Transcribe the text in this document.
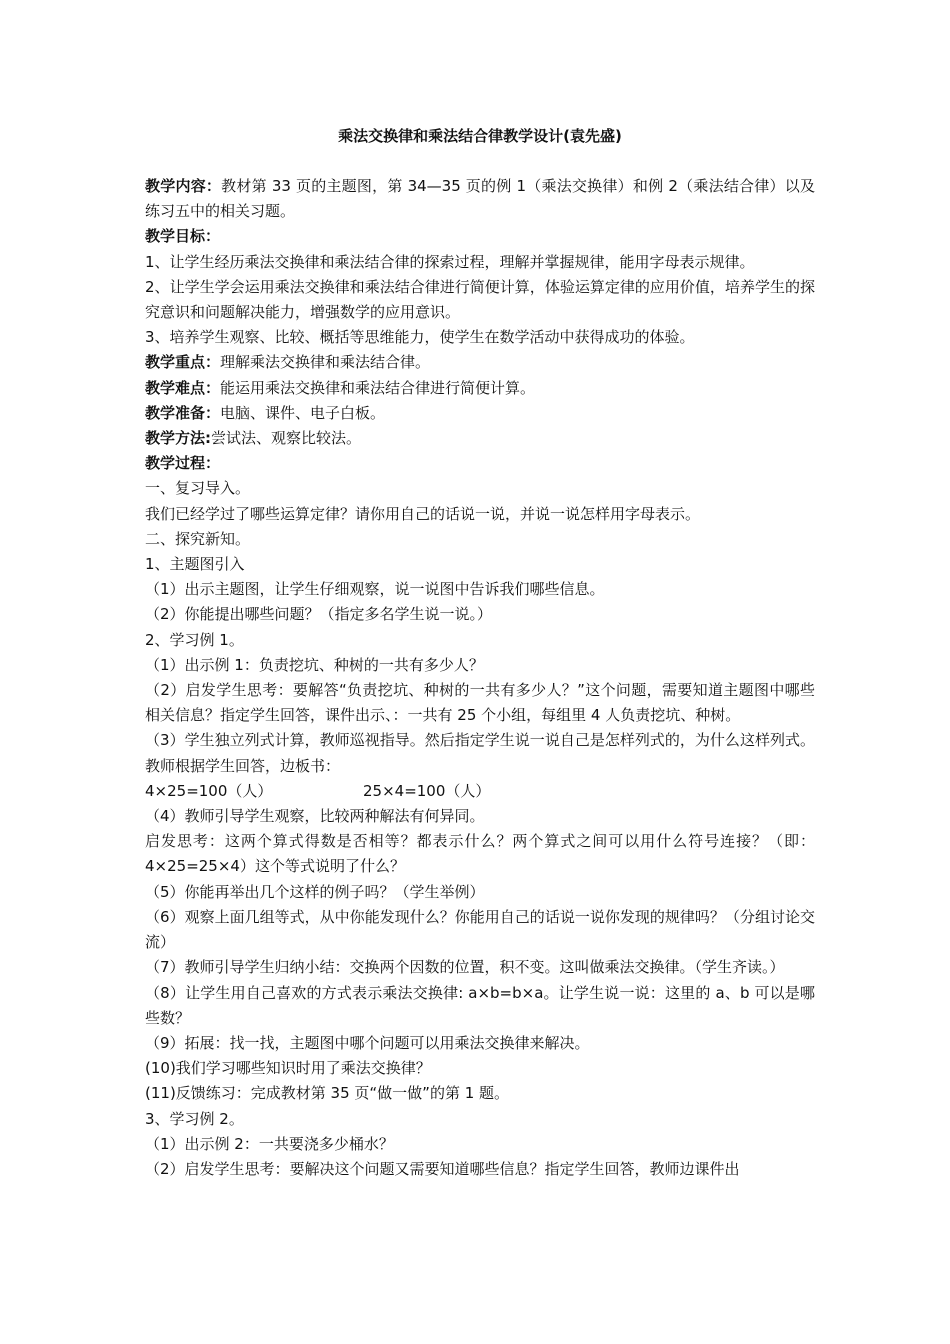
乘法交换律和乘法结合律教学设计(袁先盛)

教学内容：教材第 33 页的主题图，第 34—35 页的例 1（乘法交换律）和例 2（乘法结合律）以及练习五中的相关习题。

教学目标：

1、让学生经历乘法交换律和乘法结合律的探索过程，理解并掌握规律，能用字母表示规律。

2、让学生学会运用乘法交换律和乘法结合律进行简便计算，体验运算定律的应用价值，培养学生的探究意识和问题解决能力，增强数学的应用意识。

3、培养学生观察、比较、概括等思维能力，使学生在数学活动中获得成功的体验。

教学重点：理解乘法交换律和乘法结合律。

教学难点：能运用乘法交换律和乘法结合律进行简便计算。

教学准备：电脑、课件、电子白板。

教学方法:尝试法、观察比较法。

教学过程：

一、复习导入。

我们已经学过了哪些运算定律？请你用自己的话说一说，并说一说怎样用字母表示。

二、探究新知。

1、主题图引入

（1）出示主题图，让学生仔细观察，说一说图中告诉我们哪些信息。

（2）你能提出哪些问题？（指定多名学生说一说。）

2、学习例 1。

（1）出示例 1：负责挖坑、种树的一共有多少人？

（2）启发学生思考：要解答“负责挖坑、种树的一共有多少人？”这个问题，需要知道主题图中哪些相关信息？指定学生回答，课件出示、：一共有 25 个小组，每组里 4 人负责挖坑、种树。

（3）学生独立列式计算，教师巡视指导。然后指定学生说一说自己是怎样列式的，为什么这样列式。教师根据学生回答，边板书：

4×25=100（人）	25×4=100（人）

（4）教师引导学生观察，比较两种解法有何异同。

启发思考：这两个算式得数是否相等？都表示什么？两个算式之间可以用什么符号连接？（即：4×25=25×4）这个等式说明了什么？

（5）你能再举出几个这样的例子吗？（学生举例）

（6）观察上面几组等式，从中你能发现什么？你能用自己的话说一说你发现的规律吗？（分组讨论交流）

（7）教师引导学生归纳小结：交换两个因数的位置，积不变。这叫做乘法交换律。（学生齐读。）

（8）让学生用自己喜欢的方式表示乘法交换律: a×b=b×a。让学生说一说：这里的 a、b 可以是哪些数？

（9）拓展：找一找，主题图中哪个问题可以用乘法交换律来解决。

(10)我们学习哪些知识时用了乘法交换律？

(11)反馈练习：完成教材第 35 页“做一做”的第 1 题。

3、学习例 2。

（1）出示例 2：一共要浇多少桶水？

（2）启发学生思考：要解决这个问题又需要知道哪些信息？指定学生回答，教师边课件出
